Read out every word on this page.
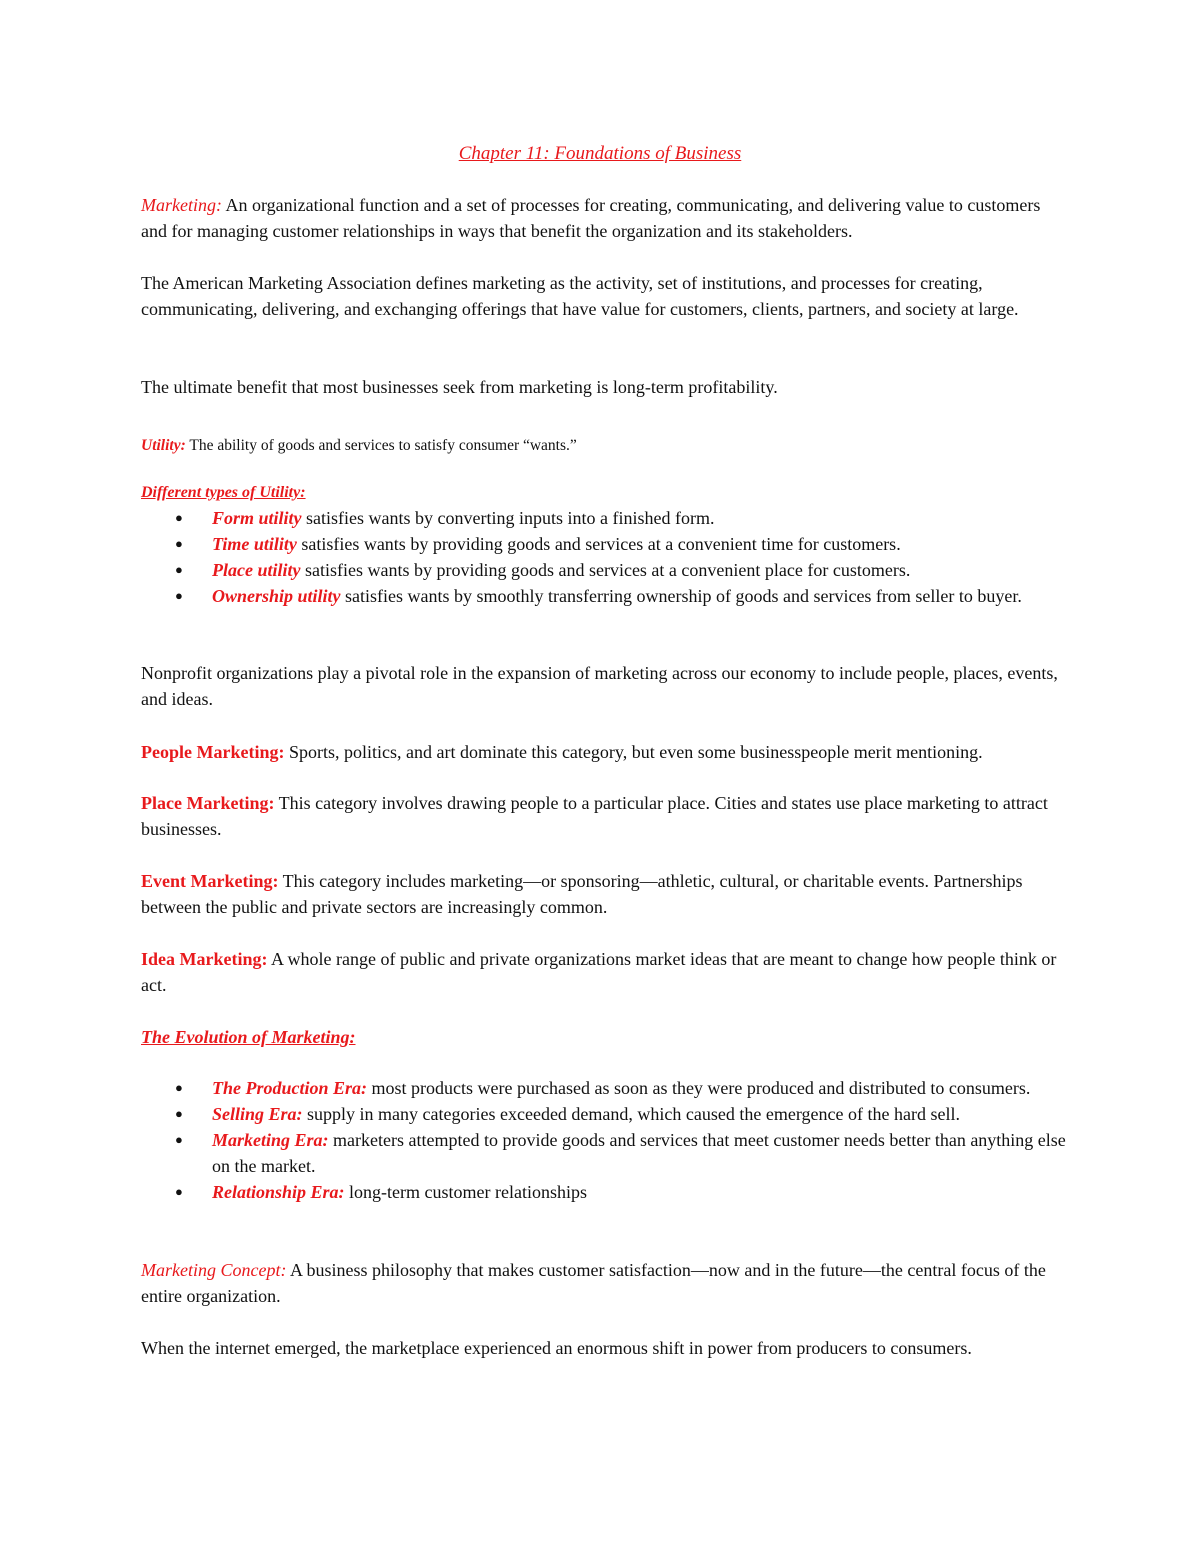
Chapter 11: Foundations of Business

Marketing: An organizational function and a set of processes for creating, communicating, and delivering value to customers and for managing customer relationships in ways that benefit the organization and its stakeholders.

The American Marketing Association defines marketing as the activity, set of institutions, and processes for creating, communicating, delivering, and exchanging offerings that have value for customers, clients, partners, and society at large.

The ultimate benefit that most businesses seek from marketing is long-term profitability.

Utility: The ability of goods and services to satisfy consumer “wants.”

Different types of Utility:
● Form utility satisfies wants by converting inputs into a finished form.
● Time utility satisfies wants by providing goods and services at a convenient time for customers.
● Place utility satisfies wants by providing goods and services at a convenient place for customers.
● Ownership utility satisfies wants by smoothly transferring ownership of goods and services from seller to buyer.

Nonprofit organizations play a pivotal role in the expansion of marketing across our economy to include people, places, events, and ideas.

People Marketing: Sports, politics, and art dominate this category, but even some businesspeople merit mentioning.

Place Marketing: This category involves drawing people to a particular place. Cities and states use place marketing to attract businesses.

Event Marketing: This category includes marketing—or sponsoring—athletic, cultural, or charitable events. Partnerships between the public and private sectors are increasingly common.

Idea Marketing: A whole range of public and private organizations market ideas that are meant to change how people think or act.

The Evolution of Marketing:

● The Production Era: most products were purchased as soon as they were produced and distributed to consumers.
● Selling Era: supply in many categories exceeded demand, which caused the emergence of the hard sell.
● Marketing Era: marketers attempted to provide goods and services that meet customer needs better than anything else on the market.
● Relationship Era: long-term customer relationships

Marketing Concept: A business philosophy that makes customer satisfaction—now and in the future—the central focus of the entire organization.

When the internet emerged, the marketplace experienced an enormous shift in power from producers to consumers.
